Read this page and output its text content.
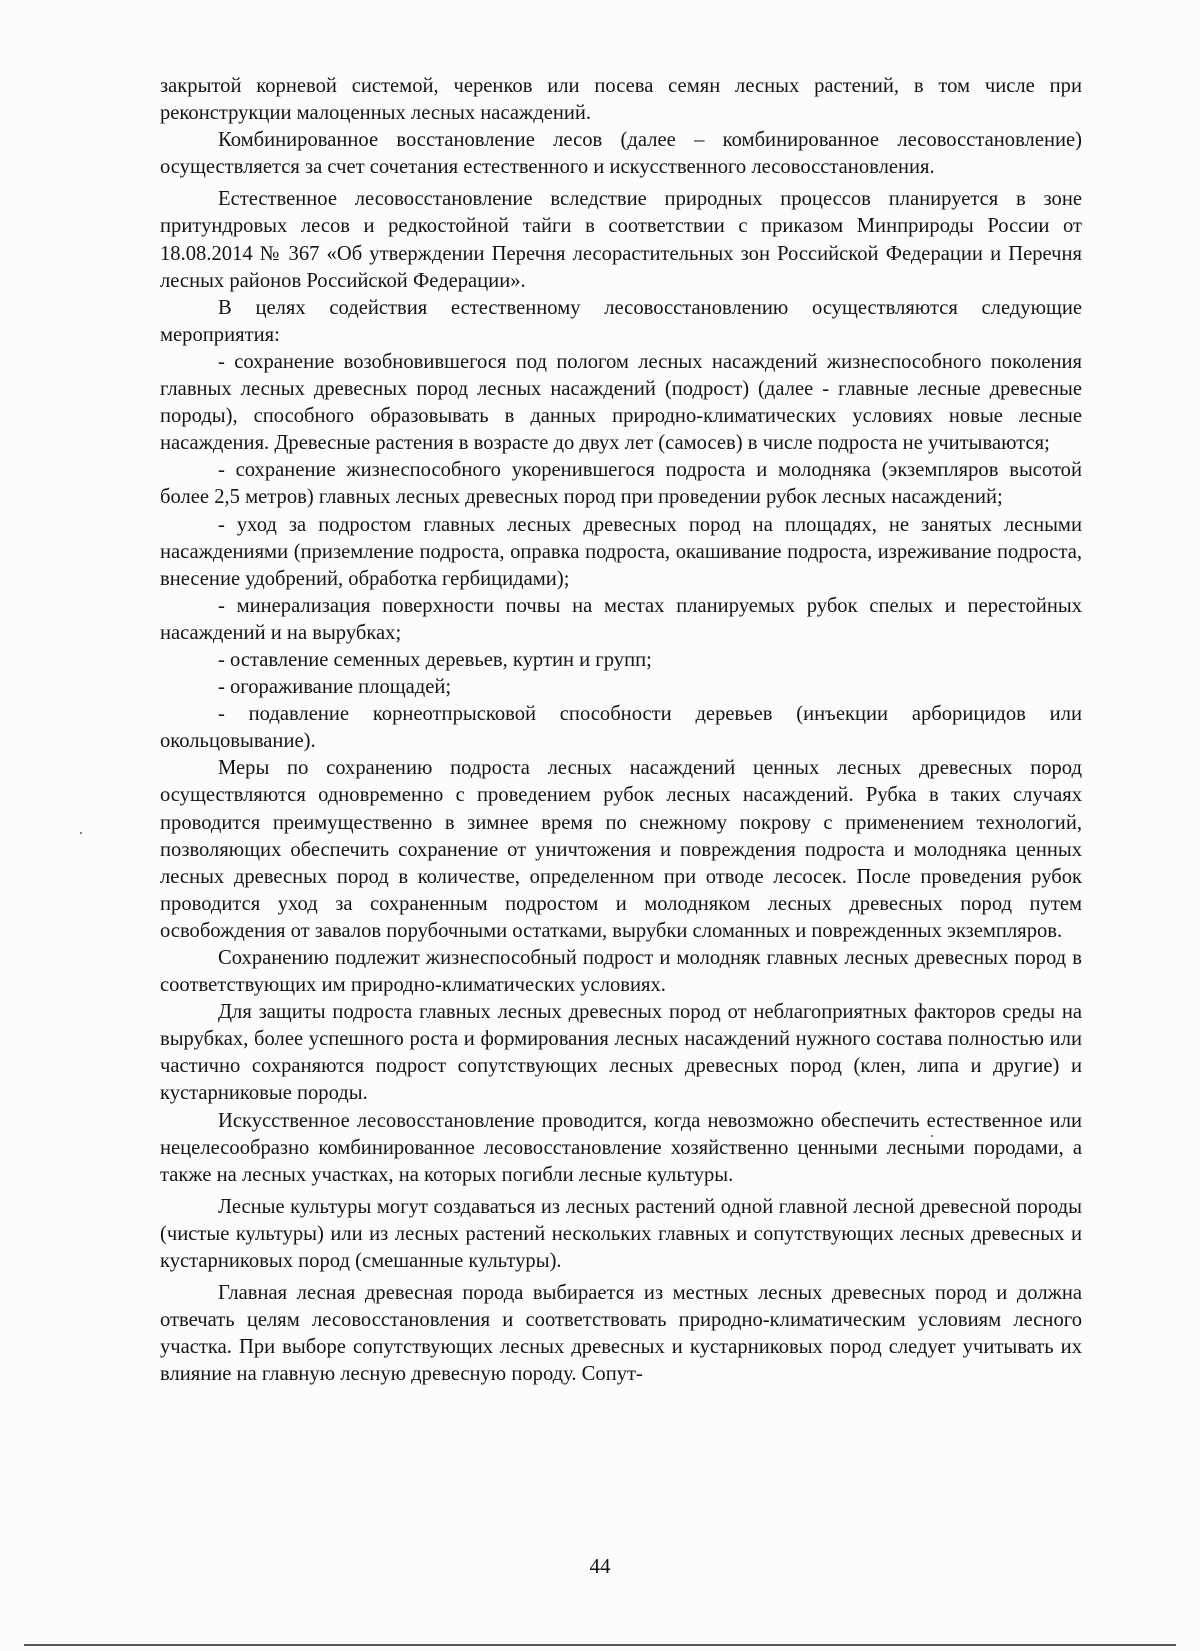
закрытой корневой системой, черенков или посева семян лесных растений, в том числе при реконструкции малоценных лесных насаждений.

Комбинированное восстановление лесов (далее – комбинированное лесовосстановление) осуществляется за счет сочетания естественного и искусственного лесовосстановления.

Естественное лесовосстановление вследствие природных процессов планируется в зоне притундровых лесов и редкостойной тайги в соответствии с приказом Минприроды России от 18.08.2014 № 367 «Об утверждении Перечня лесорастительных зон Российской Федерации и Перечня лесных районов Российской Федерации».

В целях содействия естественному лесовосстановлению осуществляются следующие мероприятия:

- сохранение возобновившегося под пологом лесных насаждений жизнеспособного поколения главных лесных древесных пород лесных насаждений (подрост) (далее - главные лесные древесные породы), способного образовывать в данных природно-климатических условиях новые лесные насаждения. Древесные растения в возрасте до двух лет (самосев) в числе подроста не учитываются;

- сохранение жизнеспособного укоренившегося подроста и молодняка (экземпляров высотой более 2,5 метров) главных лесных древесных пород при проведении рубок лесных насаждений;

- уход за подростом главных лесных древесных пород на площадях, не занятых лесными насаждениями (приземление подроста, оправка подроста, окашивание подроста, изреживание подроста, внесение удобрений, обработка гербицидами);

- минерализация поверхности почвы на местах планируемых рубок спелых и перестойных насаждений и на вырубках;

- оставление семенных деревьев, куртин и групп;

- огораживание площадей;

- подавление корнеотпрысковой способности деревьев (инъекции арборицидов или окольцовывание).

Меры по сохранению подроста лесных насаждений ценных лесных древесных пород осуществляются одновременно с проведением рубок лесных насаждений. Рубка в таких случаях проводится преимущественно в зимнее время по снежному покрову с применением технологий, позволяющих обеспечить сохранение от уничтожения и повреждения подроста и молодняка ценных лесных древесных пород в количестве, определенном при отводе лесосек. После проведения рубок проводится уход за сохраненным подростом и молодняком лесных древесных пород путем освобождения от завалов порубочными остатками, вырубки сломанных и поврежденных экземпляров.

Сохранению подлежит жизнеспособный подрост и молодняк главных лесных древесных пород в соответствующих им природно-климатических условиях.

Для защиты подроста главных лесных древесных пород от неблагоприятных факторов среды на вырубках, более успешного роста и формирования лесных насаждений нужного состава полностью или частично сохраняются подрост сопутствующих лесных древесных пород (клен, липа и другие) и кустарниковые породы.

Искусственное лесовосстановление проводится, когда невозможно обеспечить естественное или нецелесообразно комбинированное лесовосстановление хозяйственно ценными лесными породами, а также на лесных участках, на которых погибли лесные культуры.

Лесные культуры могут создаваться из лесных растений одной главной лесной древесной породы (чистые культуры) или из лесных растений нескольких главных и сопутствующих лесных древесных и кустарниковых пород (смешанные культуры).

Главная лесная древесная порода выбирается из местных лесных древесных пород и должна отвечать целям лесовосстановления и соответствовать природно-климатическим условиям лесного участка. При выборе сопутствующих лесных древесных и кустарниковых пород следует учитывать их влияние на главную лесную древесную породу. Сопут-

44
